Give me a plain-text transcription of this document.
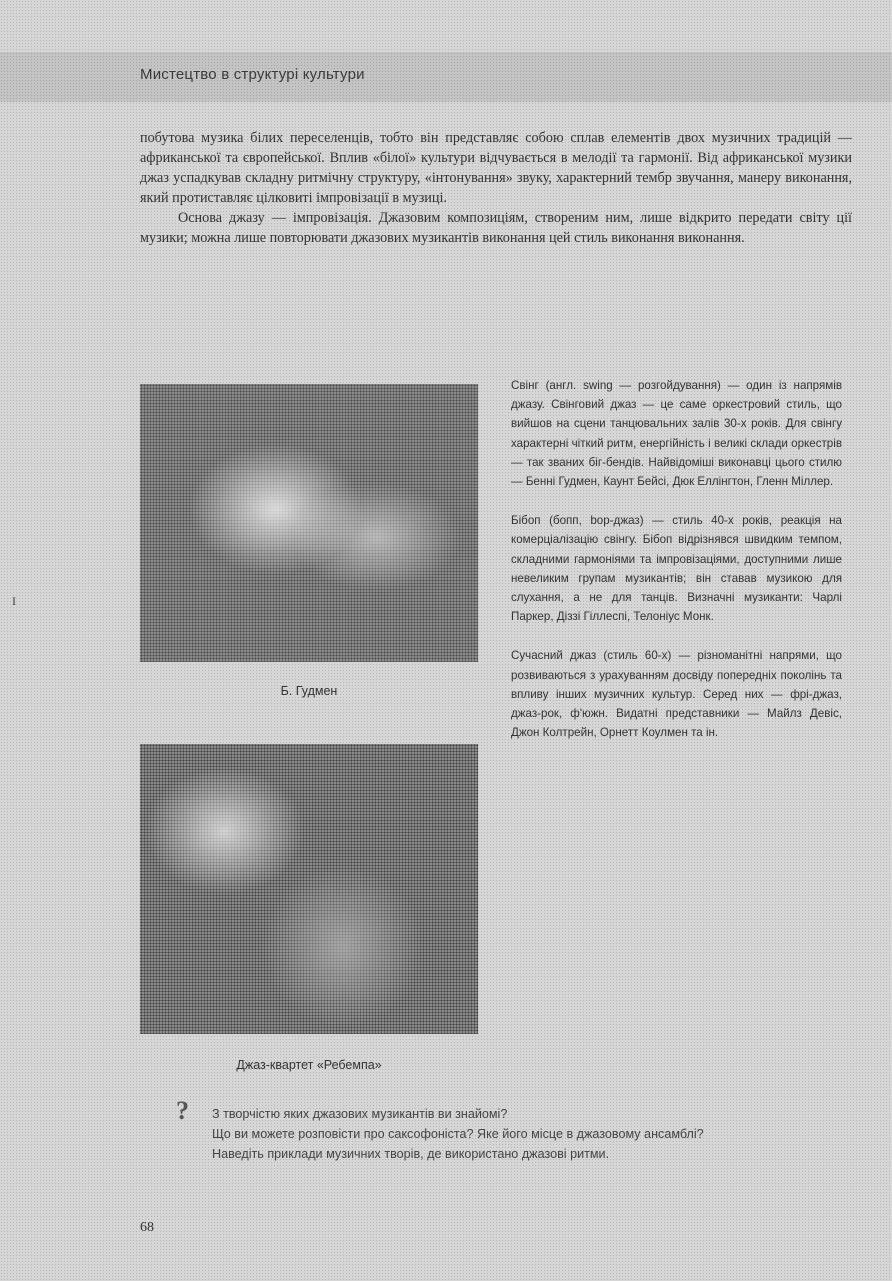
Мистецтво в структурі культури

побутова музика білих переселенців, тобто він представляє собою сплав елементів двох музичних традицій — африканської та європейської. Вплив «білої» культури відчувається в мелодії та гармонії. Від африканської музики джаз успадкував складну ритмічну структуру, «інтонування» звуку, характерний тембр звучання, манеру виконання, який протиставляє цілковиті імпровізації в музиці.

Основа джазу — імпровізація. Джазовим композиціям, створеним ним, лише відкрито передати світу ції музики; можна лише повторювати джазових музикантів виконання цей стиль виконання виконання.

Б. Гудмен
Джаз-квартет «Ребемпа»

Свінг (англ. swing — розгойдування) — один із напрямів джазу. Свінговий джаз — це саме оркестровий стиль, що вийшов на сцени танцювальних залів 30-х років. Для свінгу характерні чіткий ритм, енергійність і великі склади оркестрів — так званих біг-бендів. Найвідоміші виконавці цього стилю — Бенні Гудмен, Каунт Бейсі, Дюк Еллінгтон, Гленн Міллер.

Бібоп (бопп, bop-джаз) — стиль 40-х років, реакція на комерціалізацію свінгу. Бібоп відрізнявся швидким темпом, складними гармоніями та імпровізаціями, доступними лише невеликим групам музикантів; він ставав музикою для слухання, а не для танців. Визначні музиканти: Чарлі Паркер, Діззі Гіллеспі, Телоніус Монк.

Сучасний джаз (стиль 60-х) — різноманітні напрями, що розвиваються з урахуванням досвіду попередніх поколінь та впливу інших музичних культур. Серед них — фрі-джаз, джаз-рок, ф'южн. Видатні представники — Майлз Девіс, Джон Колтрейн, Орнетт Коулмен та ін.

І
? З творчістю яких джазових музикантів ви знайомі?
Що ви можете розповісти про саксофоніста? Яке його місце в джазовому ансамблі?
Наведіть приклади музичних творів, де використано джазові ритми.
68
